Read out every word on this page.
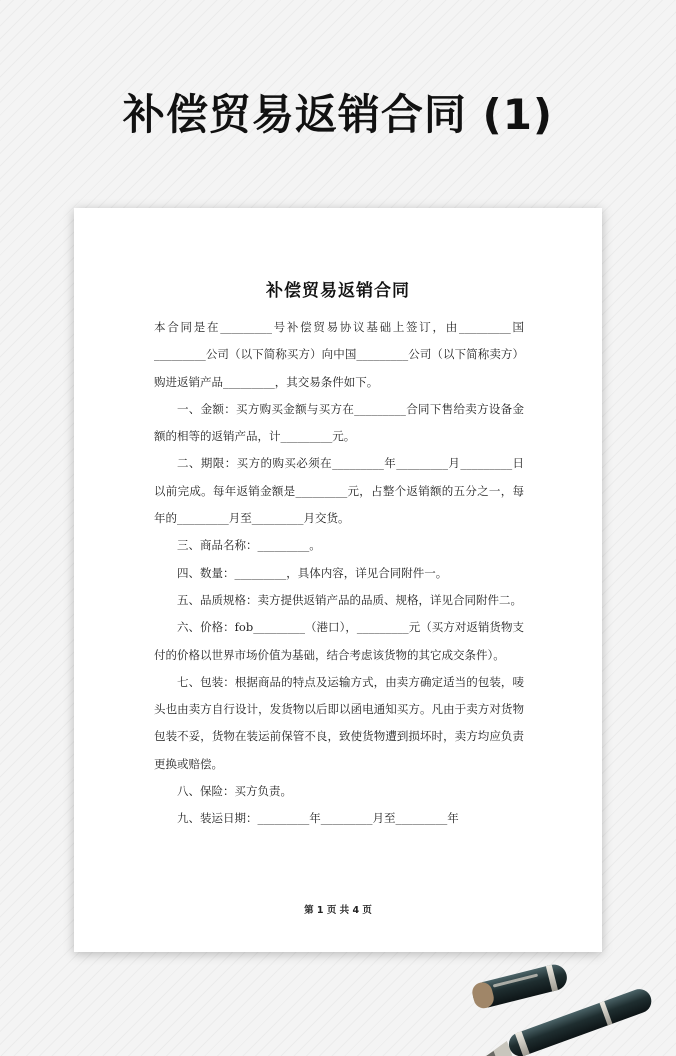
补偿贸易返销合同 (1)
补偿贸易返销合同

本合同是在_________号补偿贸易协议基础上签订，由_________国_________公司（以下简称买方）向中国_________公司（以下简称卖方）购进返销产品_________，其交易条件如下。

一、金额：买方购买金额与买方在_________合同下售给卖方设备金额的相等的返销产品，计_________元。

二、期限：买方的购买必须在_________年_________月_________日以前完成。每年返销金额是_________元，占整个返销额的五分之一，每年的_________月至_________月交货。

三、商品名称：_________。

四、数量：_________，具体内容，详见合同附件一。

五、品质规格：卖方提供返销产品的品质、规格，详见合同附件二。

六、价格：fob_________（港口），_________元（买方对返销货物支付的价格以世界市场价值为基础，结合考虑该货物的其它成交条件）。

七、包装：根据商品的特点及运输方式，由卖方确定适当的包装，唛头也由卖方自行设计，发货物以后即以函电通知买方。凡由于卖方对货物包装不妥，货物在装运前保管不良，致使货物遭到损坏时，卖方均应负责更换或赔偿。

八、保险：买方负责。

九、装运日期：_________年_________月至_________年

第 1 页 共 4 页
